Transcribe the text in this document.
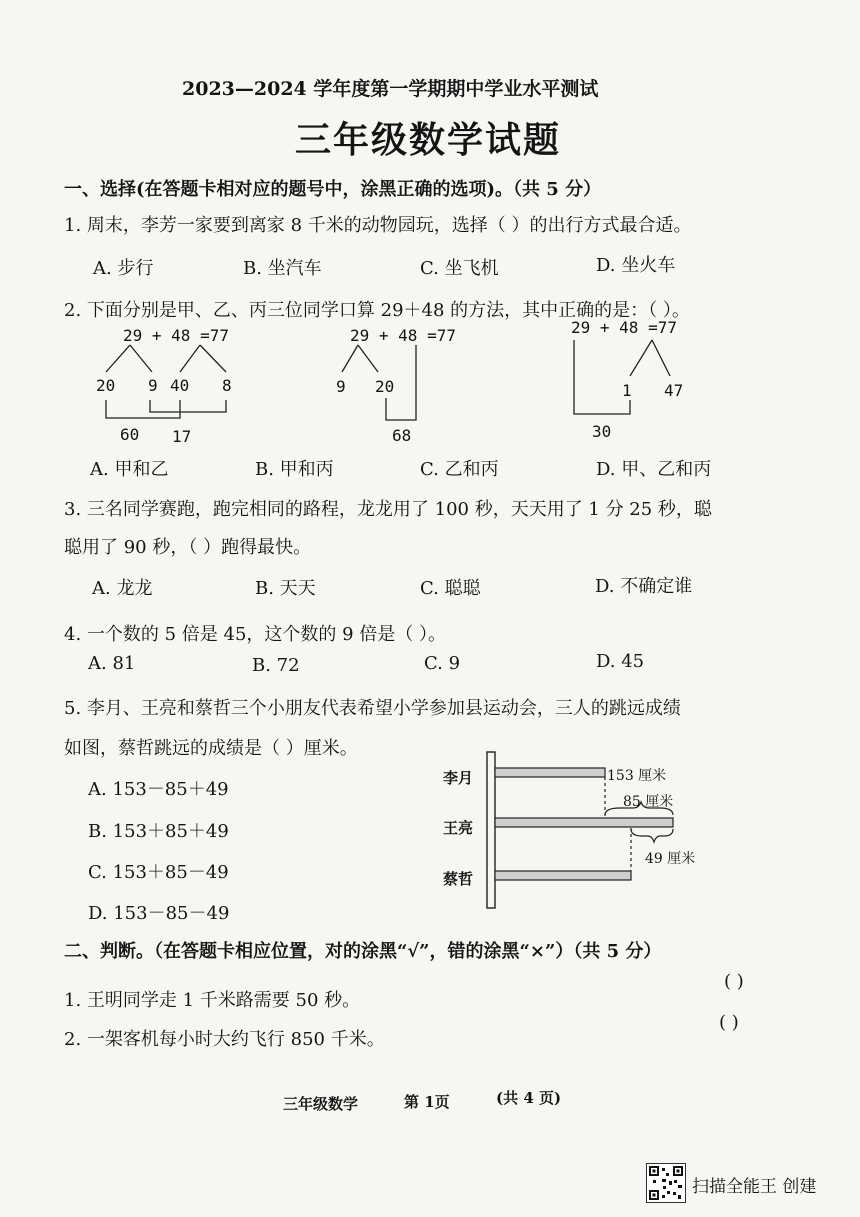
2023—2024 学年度第一学期期中学业水平测试
三年级数学试题
一、选择(在答题卡相对应的题号中，涂黑正确的选项)。（共 5 分）
1. 周末，李芳一家要到离家 8 千米的动物园玩，选择（ ）的出行方式最合适。
A. 步行	B. 坐汽车	C. 坐飞机	D. 坐火车
2. 下面分别是甲、乙、丙三位同学口算 29＋48 的方法，其中正确的是：（ ）。
29 + 48 =77
20 9 40 8
60 17
29 + 48 =77
9 20
68
29 + 48 =77
1 47
30
A. 甲和乙	B. 甲和丙	C. 乙和丙	D. 甲、乙和丙
3. 三名同学赛跑，跑完相同的路程，龙龙用了 100 秒，天天用了 1 分 25 秒，聪
聪用了 90 秒，（ ）跑得最快。
A. 龙龙	B. 天天	C. 聪聪	D. 不确定谁
4. 一个数的 5 倍是 45，这个数的 9 倍是（ ）。
A. 81	B. 72	C. 9	D. 45
5. 李月、王亮和蔡哲三个小朋友代表希望小学参加县运动会，三人的跳远成绩
如图，蔡哲跳远的成绩是（ ）厘米。
A. 153－85＋49
B. 153＋85＋49
C. 153＋85－49
D. 153－85－49
李月
王亮
蔡哲
153 厘米
85 厘米
49 厘米
二、判断。（在答题卡相应位置，对的涂黑“√”，错的涂黑“×”）（共 5 分）
( )
1. 王明同学走 1 千米路需要 50 秒。
( )
2. 一架客机每小时大约飞行 850 千米。
三年级数学	第 1页	(共 4 页)
扫描全能王 创建
